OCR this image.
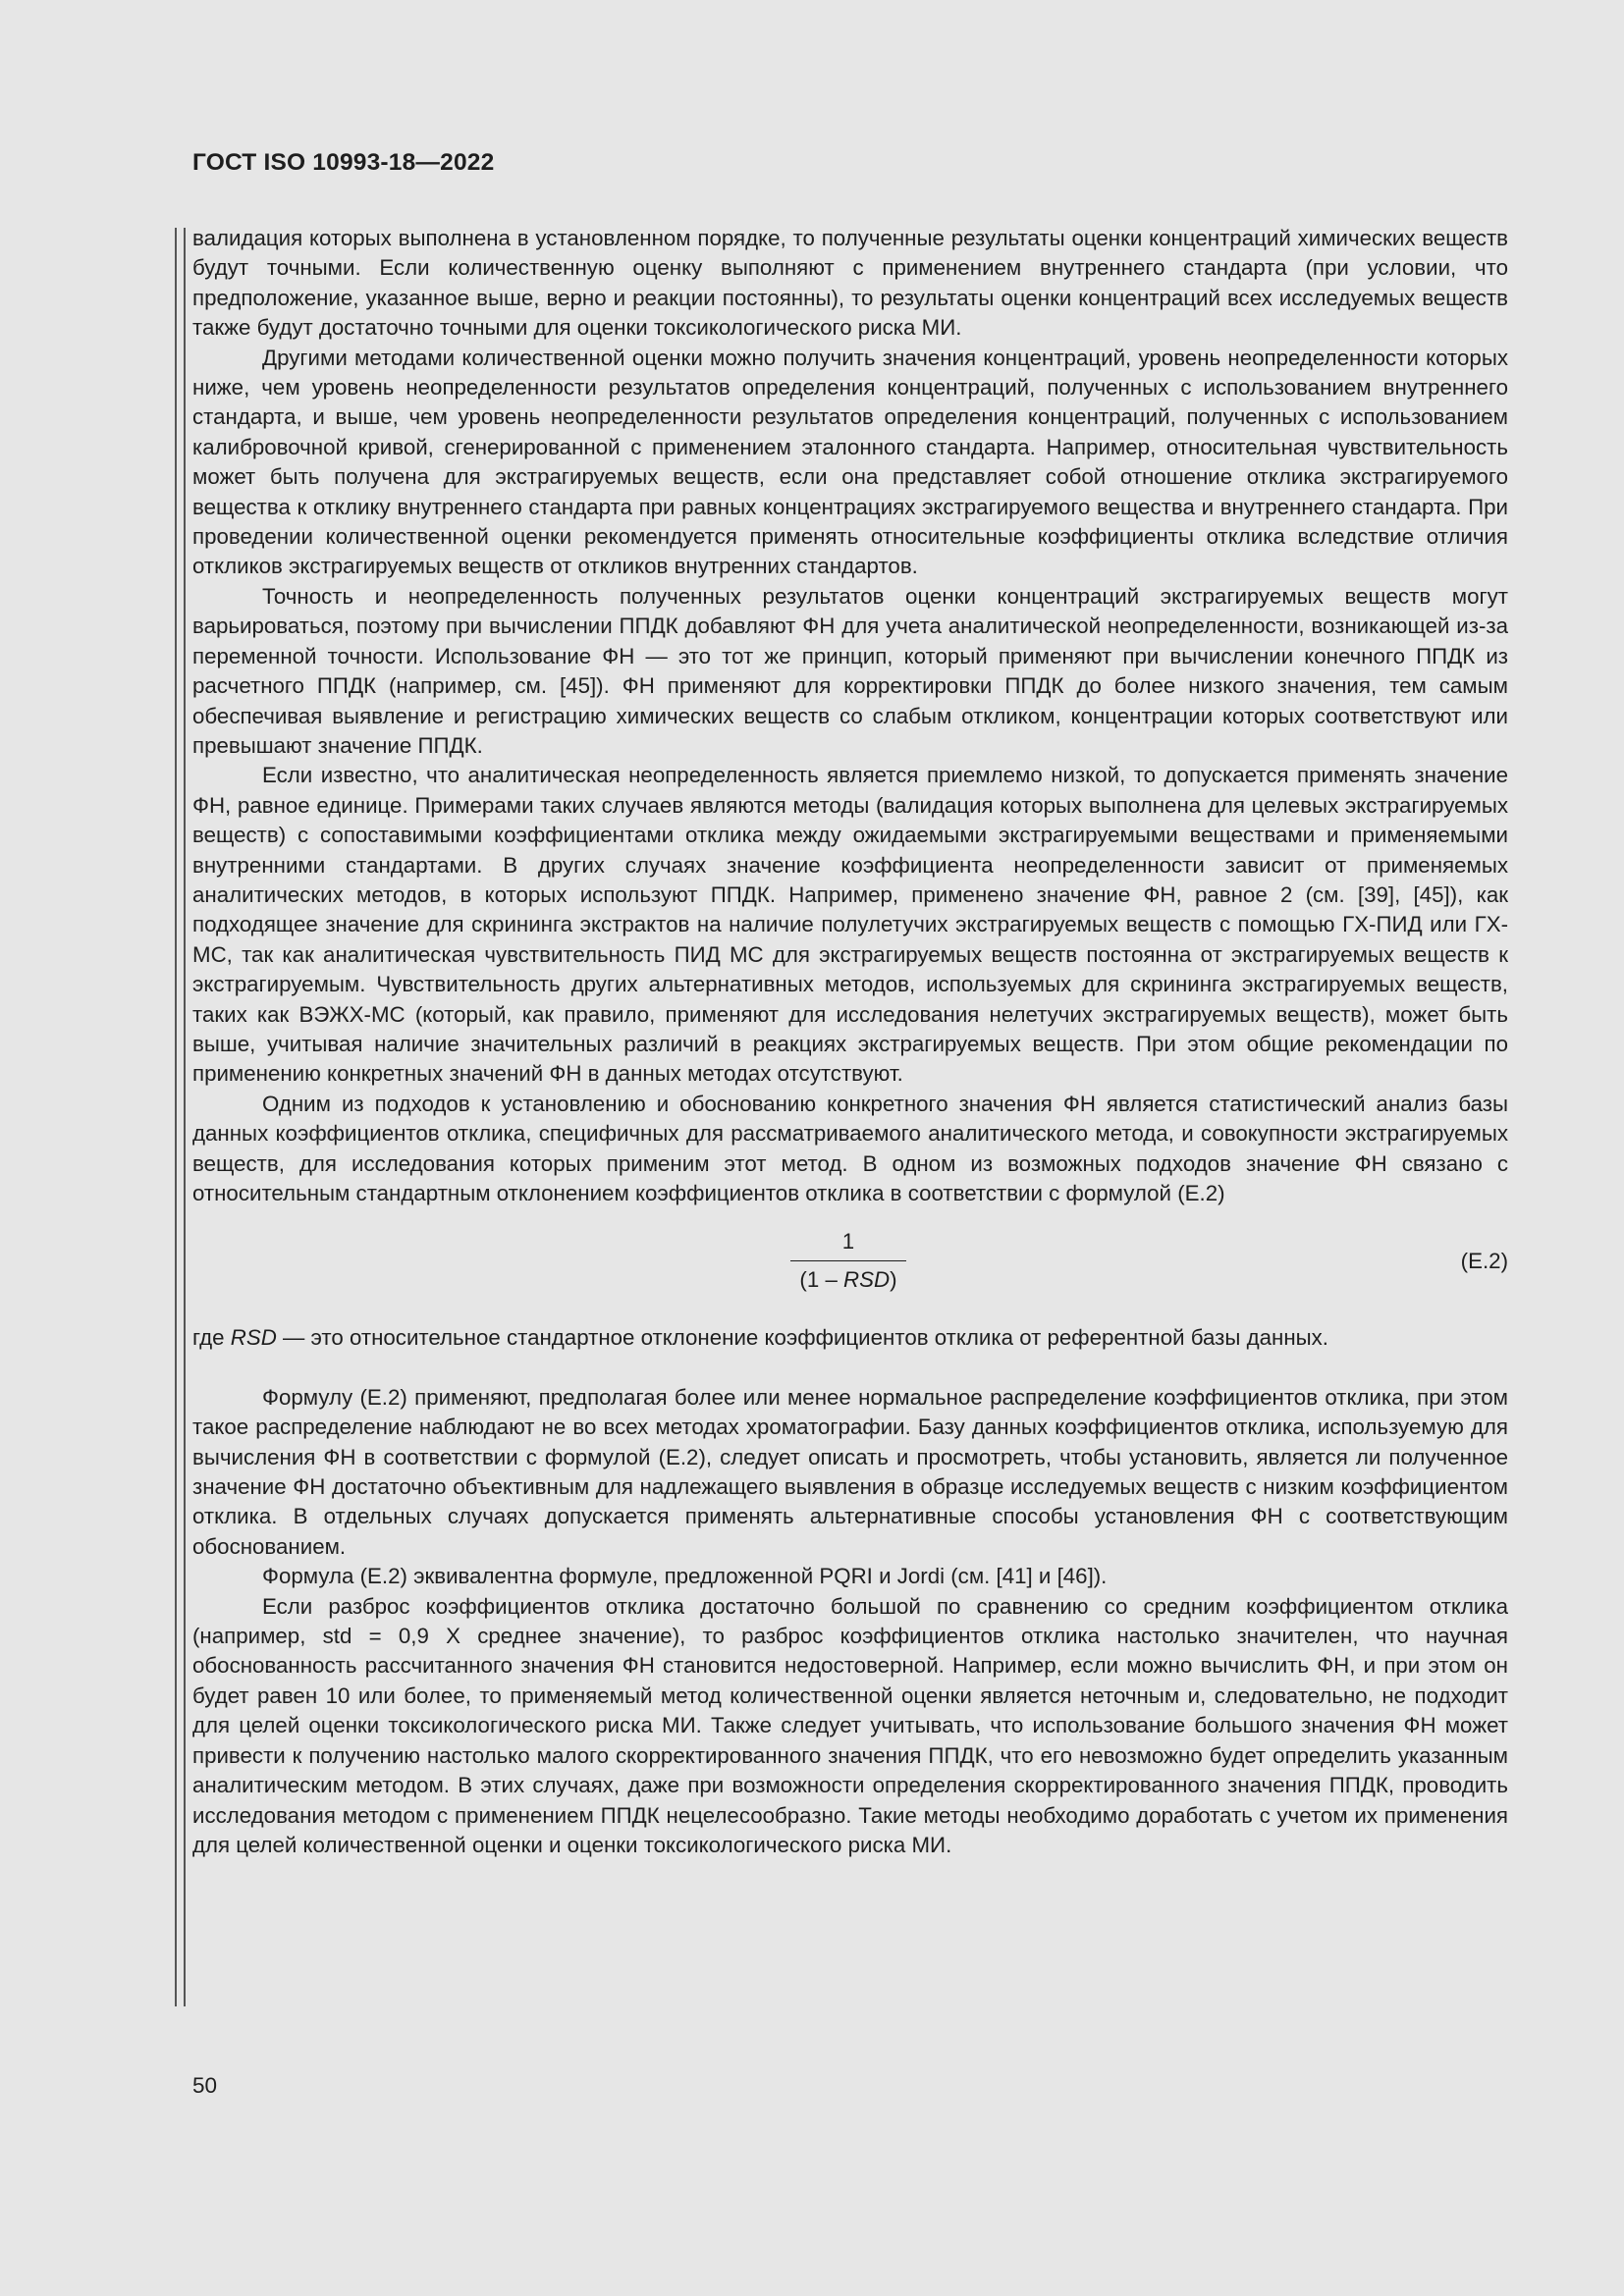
ГОСТ ISO 10993-18—2022

валидация которых выполнена в установленном порядке, то полученные результаты оценки концентраций химических веществ будут точными. Если количественную оценку выполняют с применением внутреннего стандарта (при условии, что предположение, указанное выше, верно и реакции постоянны), то результаты оценки концентраций всех исследуемых веществ также будут достаточно точными для оценки токсикологического риска МИ.

Другими методами количественной оценки можно получить значения концентраций, уровень неопределенности которых ниже, чем уровень неопределенности результатов определения концентраций, полученных с использованием внутреннего стандарта, и выше, чем уровень неопределенности результатов определения концентраций, полученных с использованием калибровочной кривой, сгенерированной с применением эталонного стандарта. Например, относительная чувствительность может быть получена для экстрагируемых веществ, если она представляет собой отношение отклика экстрагируемого вещества к отклику внутреннего стандарта при равных концентрациях экстрагируемого вещества и внутреннего стандарта. При проведении количественной оценки рекомендуется применять относительные коэффициенты отклика вследствие отличия откликов экстрагируемых веществ от откликов внутренних стандартов.

Точность и неопределенность полученных результатов оценки концентраций экстрагируемых веществ могут варьироваться, поэтому при вычислении ППДК добавляют ФН для учета аналитической неопределенности, возникающей из-за переменной точности. Использование ФН — это тот же принцип, который применяют при вычислении конечного ППДК из расчетного ППДК (например, см. [45]). ФН применяют для корректировки ППДК до более низкого значения, тем самым обеспечивая выявление и регистрацию химических веществ со слабым откликом, концентрации которых соответствуют или превышают значение ППДК.

Если известно, что аналитическая неопределенность является приемлемо низкой, то допускается применять значение ФН, равное единице. Примерами таких случаев являются методы (валидация которых выполнена для целевых экстрагируемых веществ) с сопоставимыми коэффициентами отклика между ожидаемыми экстрагируемыми веществами и применяемыми внутренними стандартами. В других случаях значение коэффициента неопределенности зависит от применяемых аналитических методов, в которых используют ППДК. Например, применено значение ФН, равное 2 (см. [39], [45]), как подходящее значение для скрининга экстрактов на наличие полулетучих экстрагируемых веществ с помощью ГХ-ПИД или ГХ-МС, так как аналитическая чувствительность ПИД МС для экстрагируемых веществ постоянна от экстрагируемых веществ к экстрагируемым. Чувствительность других альтернативных методов, используемых для скрининга экстрагируемых веществ, таких как ВЭЖХ-МС (который, как правило, применяют для исследования нелетучих экстрагируемых веществ), может быть выше, учитывая наличие значительных различий в реакциях экстрагируемых веществ. При этом общие рекомендации по применению конкретных значений ФН в данных методах отсутствуют.

Одним из подходов к установлению и обоснованию конкретного значения ФН является статистический анализ базы данных коэффициентов отклика, специфичных для рассматриваемого аналитического метода, и совокупности экстрагируемых веществ, для исследования которых применим этот метод. В одном из возможных подходов значение ФН связано с относительным стандартным отклонением коэффициентов отклика в соответствии с формулой (Е.2)

1
(1 – RSD)
(Е.2)

где RSD — это относительное стандартное отклонение коэффициентов отклика от референтной базы данных.

Формулу (Е.2) применяют, предполагая более или менее нормальное распределение коэффициентов отклика, при этом такое распределение наблюдают не во всех методах хроматографии. Базу данных коэффициентов отклика, используемую для вычисления ФН в соответствии с формулой (Е.2), следует описать и просмотреть, чтобы установить, является ли полученное значение ФН достаточно объективным для надлежащего выявления в образце исследуемых веществ с низким коэффициентом отклика. В отдельных случаях допускается применять альтернативные способы установления ФН с соответствующим обоснованием.

Формула (Е.2) эквивалентна формуле, предложенной PQRI и Jordi (см. [41] и [46]).

Если разброс коэффициентов отклика достаточно большой по сравнению со средним коэффициентом отклика (например, std = 0,9 X среднее значение), то разброс коэффициентов отклика настолько значителен, что научная обоснованность рассчитанного значения ФН становится недостоверной. Например, если можно вычислить ФН, и при этом он будет равен 10 или более, то применяемый метод количественной оценки является неточным и, следовательно, не подходит для целей оценки токсикологического риска МИ. Также следует учитывать, что использование большого значения ФН может привести к получению настолько малого скорректированного значения ППДК, что его невозможно будет определить указанным аналитическим методом. В этих случаях, даже при возможности определения скорректированного значения ППДК, проводить исследования методом с применением ППДК нецелесообразно. Такие методы необходимо доработать с учетом их применения для целей количественной оценки и оценки токсикологического риска МИ.

50
